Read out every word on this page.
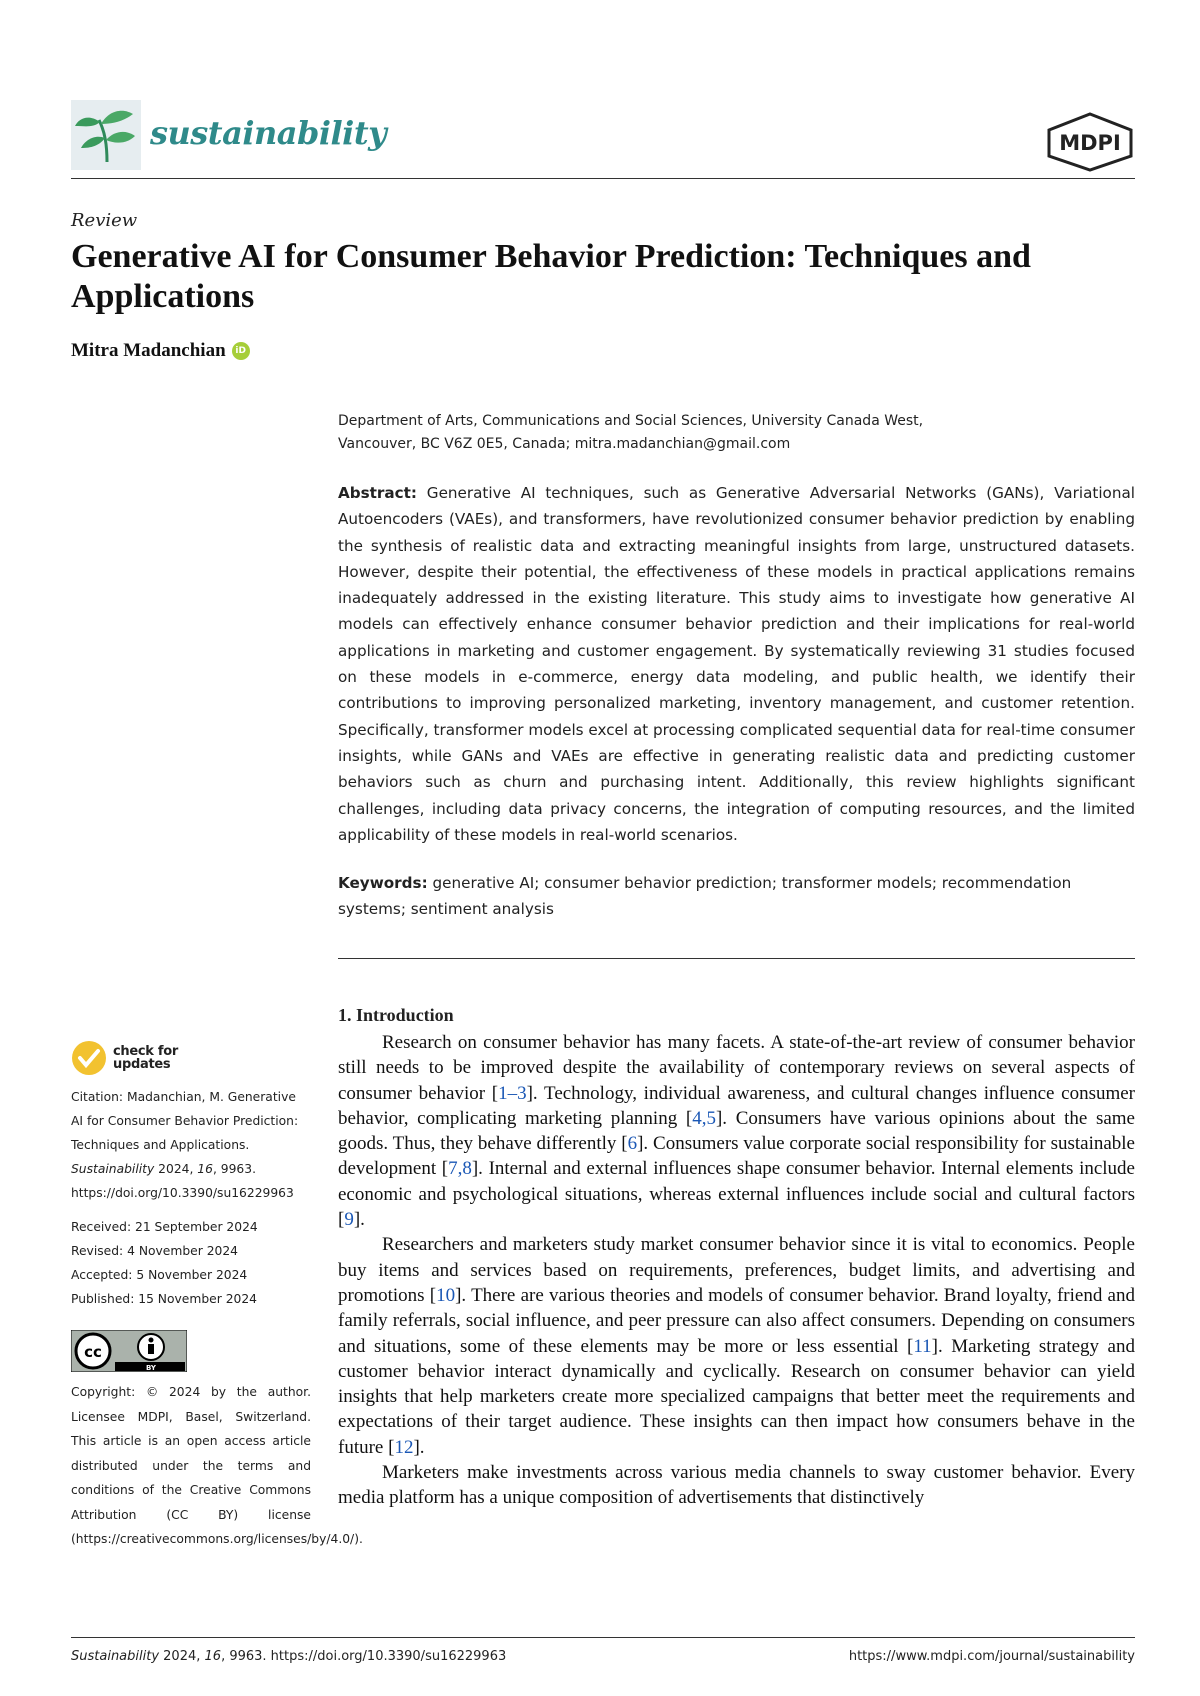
sustainability	MDPI
Review
Generative AI for Consumer Behavior Prediction: Techniques and Applications
Mitra Madanchian	iD
Department of Arts, Communications and Social Sciences, University Canada West,
Vancouver, BC V6Z 0E5, Canada; mitra.madanchian@gmail.com
Abstract: Generative AI techniques, such as Generative Adversarial Networks (GANs), Variational Autoencoders (VAEs), and transformers, have revolutionized consumer behavior prediction by enabling the synthesis of realistic data and extracting meaningful insights from large, unstructured datasets. However, despite their potential, the effectiveness of these models in practical applications remains inadequately addressed in the existing literature. This study aims to investigate how generative AI models can effectively enhance consumer behavior prediction and their implications for real-world applications in marketing and customer engagement. By systematically reviewing 31 studies focused on these models in e-commerce, energy data modeling, and public health, we identify their contributions to improving personalized marketing, inventory management, and customer retention. Specifically, transformer models excel at processing complicated sequential data for real-time consumer insights, while GANs and VAEs are effective in generating realistic data and predicting customer behaviors such as churn and purchasing intent. Additionally, this review highlights significant challenges, including data privacy concerns, the integration of computing resources, and the limited applicability of these models in real-world scenarios.
Keywords: generative AI; consumer behavior prediction; transformer models; recommendation systems; sentiment analysis
1. Introduction

Research on consumer behavior has many facets. A state-of-the-art review of consumer behavior still needs to be improved despite the availability of contemporary reviews on several aspects of consumer behavior [1–3]. Technology, individual awareness, and cultural changes influence consumer behavior, complicating marketing planning [4,5]. Consumers have various opinions about the same goods. Thus, they behave differently [6]. Consumers value corporate social responsibility for sustainable development [7,8]. Internal and external influences shape consumer behavior. Internal elements include economic and psychological situations, whereas external influences include social and cultural factors [9].

Researchers and marketers study market consumer behavior since it is vital to economics. People buy items and services based on requirements, preferences, budget limits, and advertising and promotions [10]. There are various theories and models of consumer behavior. Brand loyalty, friend and family referrals, social influence, and peer pressure can also affect consumers. Depending on consumers and situations, some of these elements may be more or less essential [11]. Marketing strategy and customer behavior interact dynamically and cyclically. Research on consumer behavior can yield insights that help marketers create more specialized campaigns that better meet the requirements and expectations of their target audience. These insights can then impact how consumers behave in the future [12].

Marketers make investments across various media channels to sway customer behavior. Every media platform has a unique composition of advertisements that distinctively

check for
updates
Citation: Madanchian, M. Generative AI for Consumer Behavior Prediction: Techniques and Applications. Sustainability 2024, 16, 9963. https://doi.org/10.3390/su16229963
Received: 21 September 2024
Revised: 4 November 2024
Accepted: 5 November 2024
Published: 15 November 2024
cc
BY
Copyright: © 2024 by the author. Licensee MDPI, Basel, Switzerland. This article is an open access article distributed under the terms and conditions of the Creative Commons Attribution (CC BY) license (https://creativecommons.org/licenses/by/4.0/).
Sustainability 2024, 16, 9963. https://doi.org/10.3390/su16229963	https://www.mdpi.com/journal/sustainability
